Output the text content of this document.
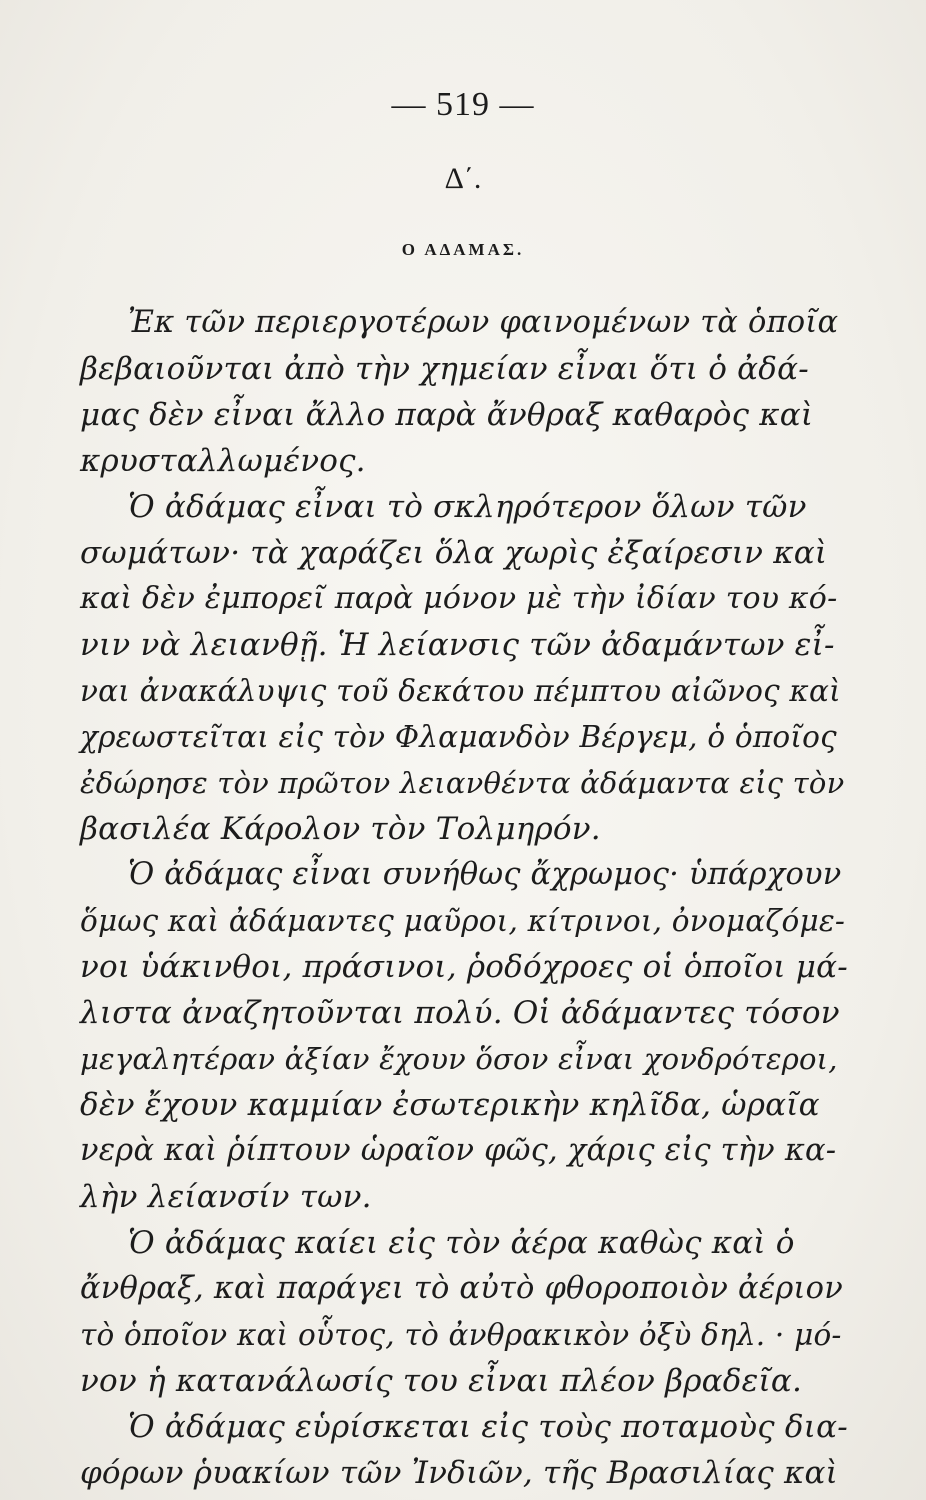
— 519 —
Δ΄.
Ο ΑΔΑΜΑΣ.
Ἐκ τῶν περιεργοτέρων φαινομένων τὰ ὁποῖα
βεβαιοῦνται ἀπὸ τὴν χημείαν εἶναι ὅτι ὁ ἀδά-
μας δὲν εἶναι ἄλλο παρὰ ἄνθραξ καθαρὸς καὶ
κρυσταλλωμένος.
Ὁ ἀδάμας εἶναι τὸ σκληρότερον ὅλων τῶν
σωμάτων· τὰ χαράζει ὅλα χωρὶς ἐξαίρεσιν καὶ
καὶ δὲν ἐμπορεῖ παρὰ μόνον μὲ τὴν ἰδίαν του κό-
νιν νὰ λειανθῇ. Ἡ λείανσις τῶν ἀδαμάντων εἶ-
ναι ἀνακάλυψις τοῦ δεκάτου πέμπτου αἰῶνος καὶ
χρεωστεῖται εἰς τὸν Φλαμανδὸν Βέργεμ, ὁ ὁποῖος
ἐδώρησε τὸν πρῶτον λειανθέντα ἀδάμαντα εἰς τὸν
βασιλέα Κάρολον τὸν Τολμηρόν.
Ὁ ἀδάμας εἶναι συνήθως ἄχρωμος· ὑπάρχουν
ὅμως καὶ ἀδάμαντες μαῦροι, κίτρινοι, ὀνομαζόμε-
νοι ὑάκινθοι, πράσινοι, ῥοδόχροες οἱ ὁποῖοι μά-
λιστα ἀναζητοῦνται πολύ. Οἱ ἀδάμαντες τόσον
μεγαλητέραν ἀξίαν ἔχουν ὅσον εἶναι χονδρότεροι,
δὲν ἔχουν καμμίαν ἐσωτερικὴν κηλῖδα, ὡραῖα
νερὰ καὶ ῥίπτουν ὡραῖον φῶς, χάρις εἰς τὴν κα-
λὴν λείανσίν των.
Ὁ ἀδάμας καίει εἰς τὸν ἀέρα καθὼς καὶ ὁ
ἄνθραξ, καὶ παράγει τὸ αὐτὸ φθοροποιὸν ἀέριον
τὸ ὁποῖον καὶ οὗτος, τὸ ἀνθρακικὸν ὀξὺ δηλ. · μό-
νον ἡ κατανάλωσίς του εἶναι πλέον βραδεῖα.
Ὁ ἀδάμας εὑρίσκεται εἰς τοὺς ποταμοὺς δια-
φόρων ῥυακίων τῶν Ἰνδιῶν, τῆς Βρασιλίας καὶ
